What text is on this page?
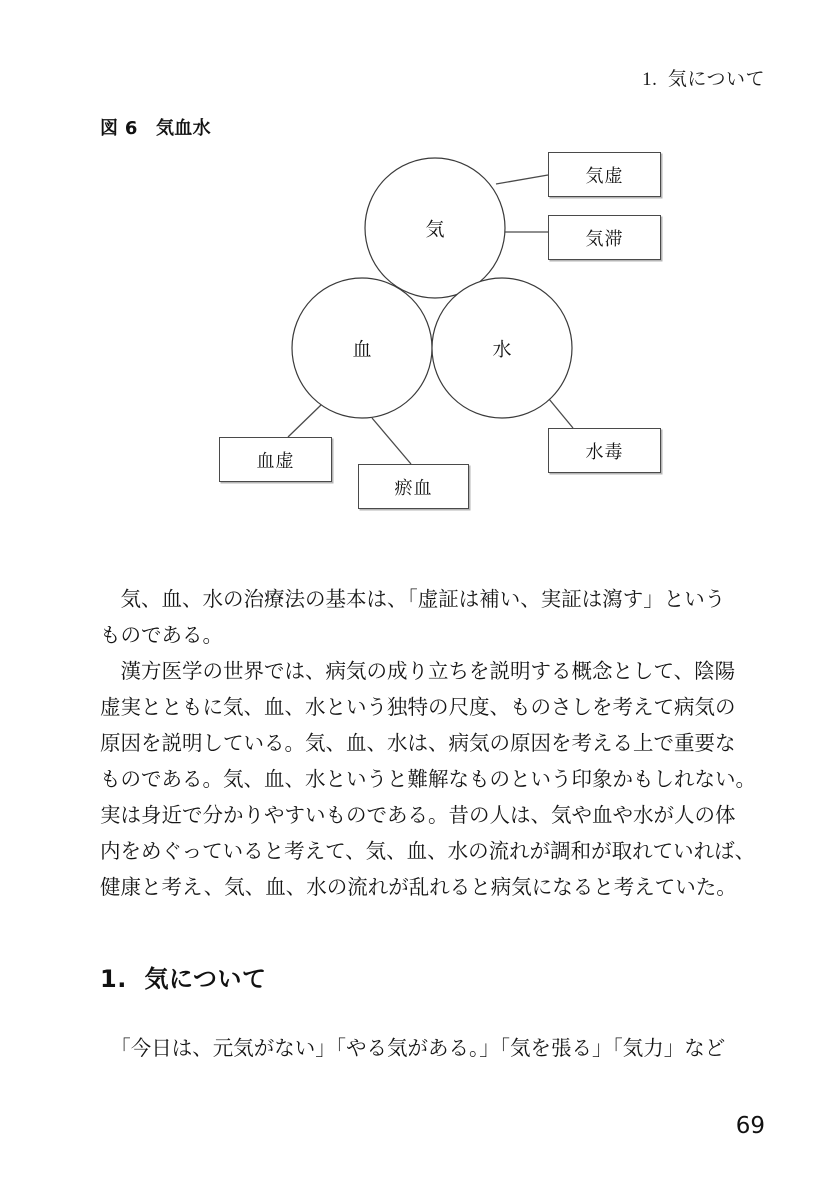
1.  気について
図 6　気血水
気
血	水
気虚
気滞
血虚
瘀血
水毒

　気、血、水の治療法の基本は、「虚証は補い、実証は瀉す」という
ものである。

　漢方医学の世界では、病気の成り立ちを説明する概念として、陰陽
虚実とともに気、血、水という独特の尺度、ものさしを考えて病気の
原因を説明している。気、血、水は、病気の原因を考える上で重要な
ものである。気、血、水というと難解なものという印象かもしれない。
実は身近で分かりやすいものである。昔の人は、気や血や水が人の体
内をめぐっていると考えて、気、血、水の流れが調和が取れていれば、
健康と考え、気、血、水の流れが乱れると病気になると考えていた。

1.  気について

　「今日は、元気がない」「やる気がある。」「気を張る」「気力」など

69
